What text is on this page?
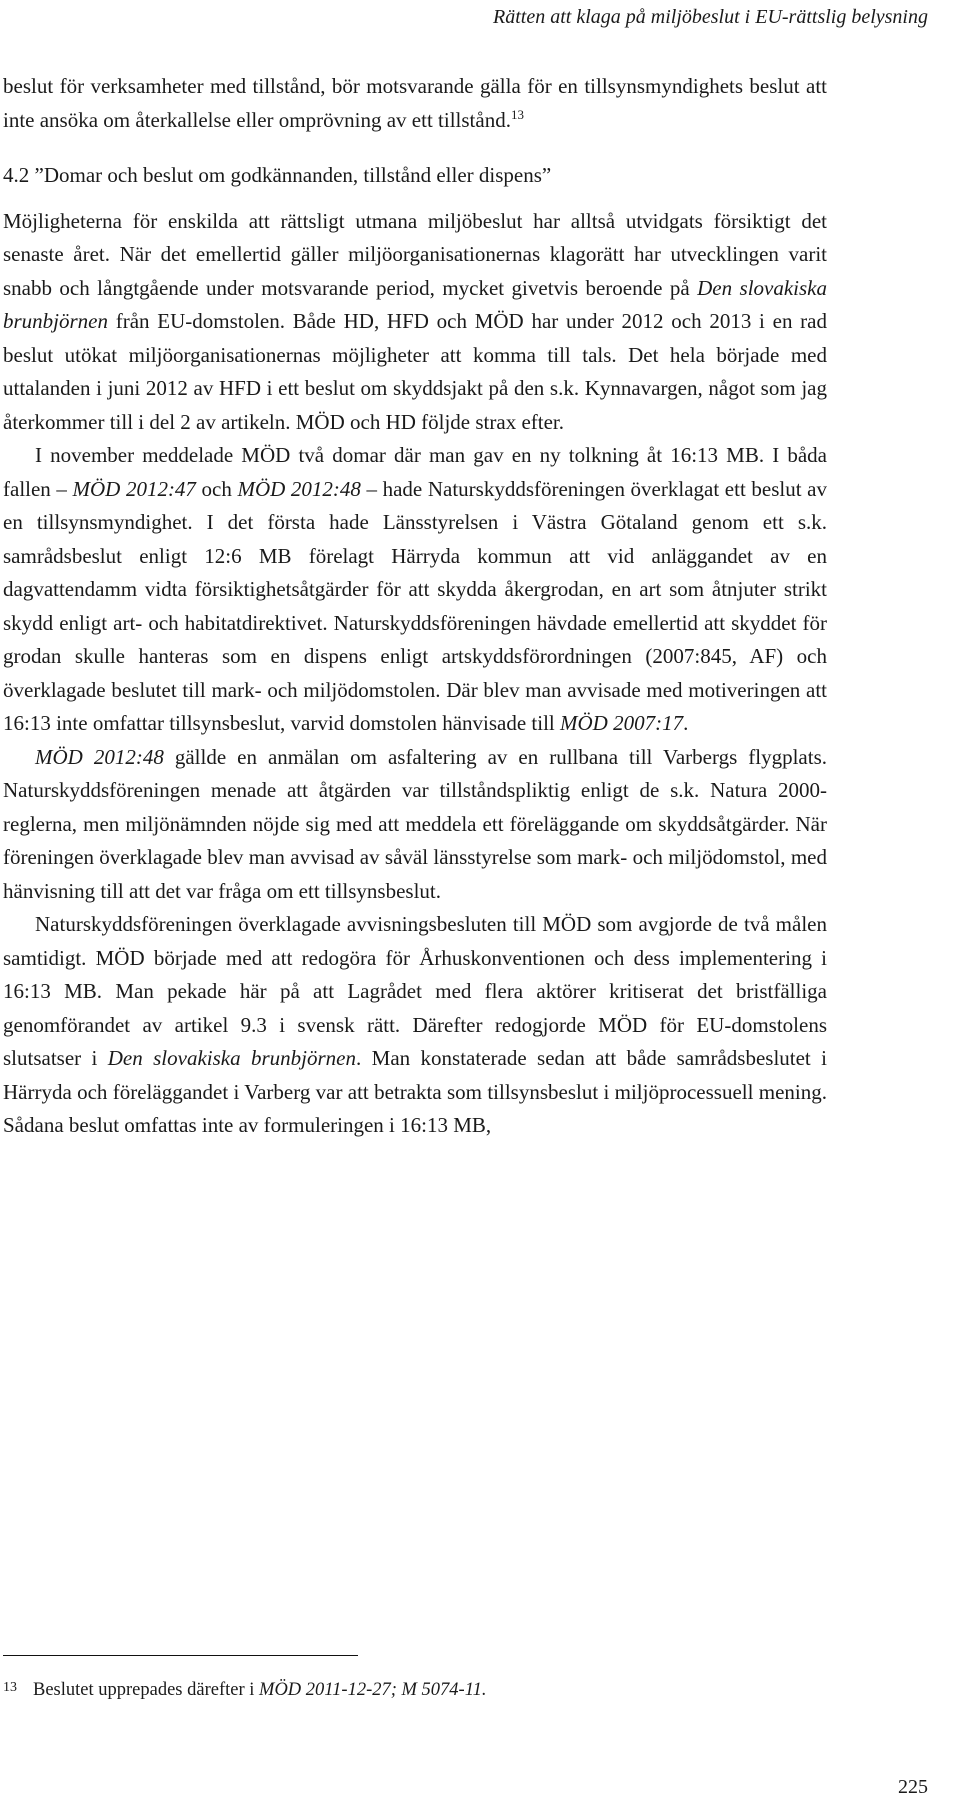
Rätten att klaga på miljöbeslut i EU-rättslig belysning

beslut för verksamheter med tillstånd, bör motsvarande gälla för en tillsynsmyndighets beslut att inte ansöka om återkallelse eller omprövning av ett tillstånd.$^{13}$

4.2 ”Domar och beslut om godkännanden, tillstånd eller dispens”

Möjligheterna för enskilda att rättsligt utmana miljöbeslut har alltså utvidgats försiktigt det senaste året. När det emellertid gäller miljöorganisationernas klagorätt har utvecklingen varit snabb och långtgående under motsvarande period, mycket givetvis beroende på Den slovakiska brunbjörnen från EU-domstolen. Både HD, HFD och MÖD har under 2012 och 2013 i en rad beslut utökat miljöorganisationernas möjligheter att komma till tals. Det hela började med uttalanden i juni 2012 av HFD i ett beslut om skyddsjakt på den s.k. Kynnavargen, något som jag återkommer till i del 2 av artikeln. MÖD och HD följde strax efter.

I november meddelade MÖD två domar där man gav en ny tolkning åt 16:13 MB. I båda fallen – MÖD 2012:47 och MÖD 2012:48 – hade Naturskyddsföreningen överklagat ett beslut av en tillsynsmyndighet. I det första hade Länsstyrelsen i Västra Götaland genom ett s.k. samrådsbeslut enligt 12:6 MB förelagt Härryda kommun att vid anläggandet av en dagvattendamm vidta försiktighetsåtgärder för att skydda åkergrodan, en art som åtnjuter strikt skydd enligt art- och habitatdirektivet. Naturskyddsföreningen hävdade emellertid att skyddet för grodan skulle hanteras som en dispens enligt artskyddsförordningen (2007:845, AF) och överklagade beslutet till mark- och miljödomstolen. Där blev man avvisade med motiveringen att 16:13 inte omfattar tillsynsbeslut, varvid domstolen hänvisade till MÖD 2007:17.

MÖD 2012:48 gällde en anmälan om asfaltering av en rullbana till Varbergs flygplats. Naturskyddsföreningen menade att åtgärden var tillståndspliktig enligt de s.k. Natura 2000-reglerna, men miljönämnden nöjde sig med att meddela ett föreläggande om skyddsåtgärder. När föreningen överklagade blev man avvisad av såväl länsstyrelse som mark- och miljödomstol, med hänvisning till att det var fråga om ett tillsynsbeslut.

Naturskyddsföreningen överklagade avvisningsbesluten till MÖD som avgjorde de två målen samtidigt. MÖD började med att redogöra för Århuskonventionen och dess implementering i 16:13 MB. Man pekade här på att Lagrådet med flera aktörer kritiserat det bristfälliga genomförandet av artikel 9.3 i svensk rätt. Därefter redogjorde MÖD för EU-domstolens slutsatser i Den slovakiska brunbjörnen. Man konstaterade sedan att både samrådsbeslutet i Härryda och föreläggandet i Varberg var att betrakta som tillsynsbeslut i miljöprocessuell mening. Sådana beslut omfattas inte av formuleringen i 16:13 MB,

13 Beslutet upprepades därefter i MÖD 2011-12-27; M 5074-11.
225
